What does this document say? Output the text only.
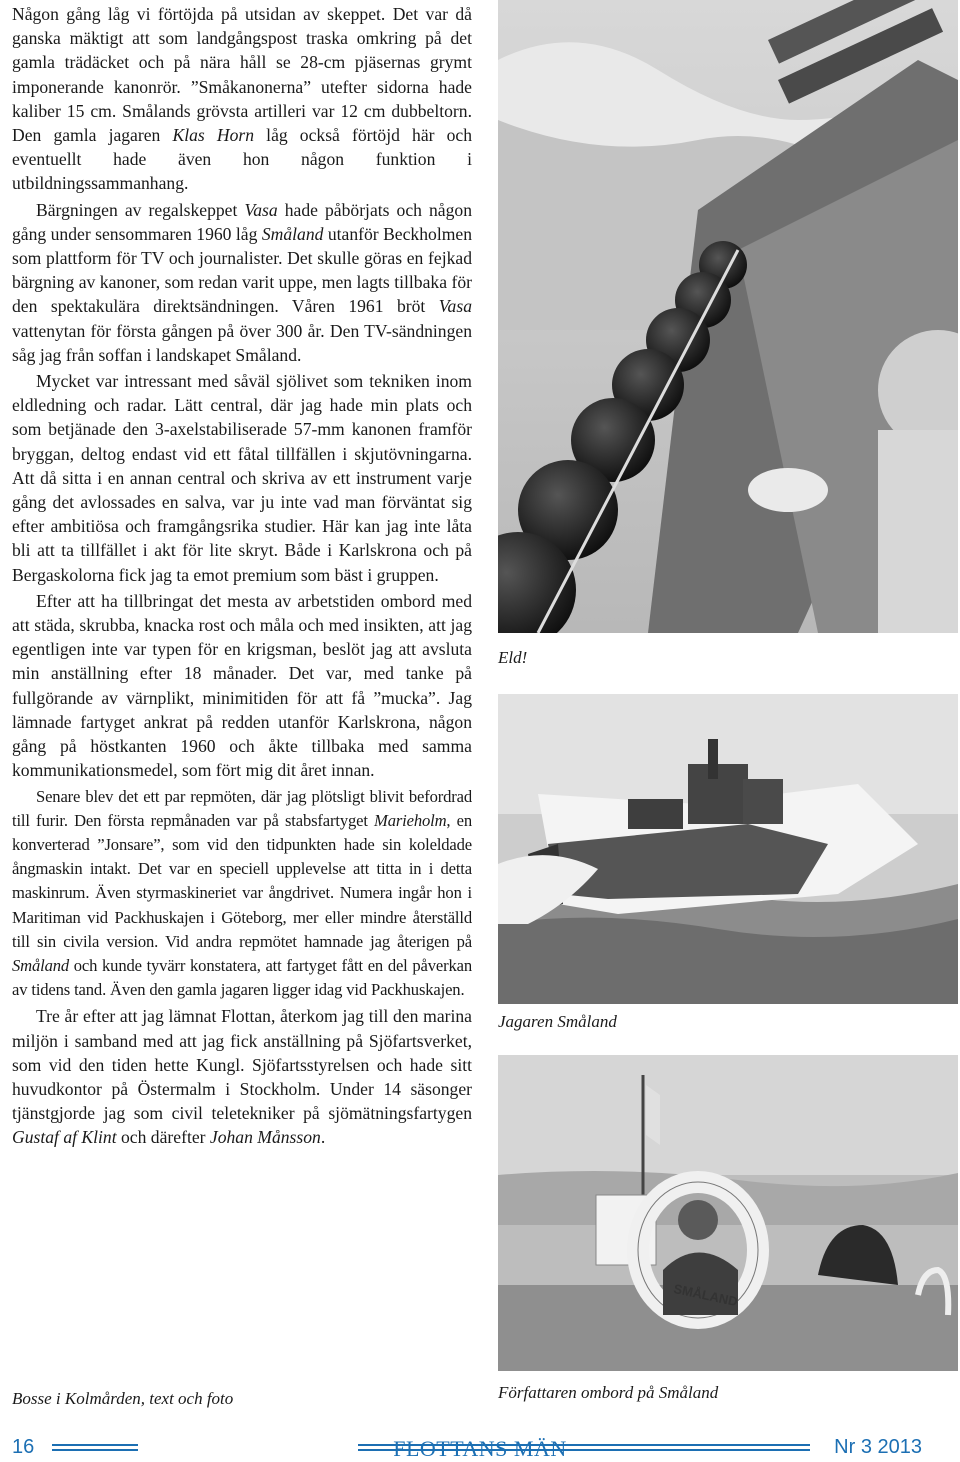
Någon gång låg vi förtöjda på utsidan av skeppet. Det var då ganska mäktigt att som landgångspost traska omkring på det gamla trädäcket och på nära håll se 28-cm pjäsernas grymt imponerande kanonrör. ”Småkanonerna” utefter sidorna hade kaliber 15 cm. Smålands grövsta artilleri var 12 cm dubbeltorn. Den gamla jagaren Klas Horn låg också förtöjd här och eventuellt hade även hon någon funktion i utbildningssammanhang.

Bärgningen av regalskeppet Vasa hade påbörjats och någon gång under sensommaren 1960 låg Småland utanför Beckholmen som plattform för TV och journalister. Det skulle göras en fejkad bärgning av kanoner, som redan varit uppe, men lagts tillbaka för den spektakulära direktsändningen. Våren 1961 bröt Vasa vattenytan för första gången på över 300 år. Den TV-sändningen såg jag från soffan i landskapet Småland.

Mycket var intressant med såväl sjölivet som tekniken inom eldledning och radar. Lätt central, där jag hade min plats och som betjänade den 3-axelstabiliserade 57-mm kanonen framför bryggan, deltog endast vid ett fåtal tillfällen i skjutövningarna. Att då sitta i en annan central och skriva av ett instrument varje gång det avlossades en salva, var ju inte vad man förväntat sig efter ambitiösa och framgångsrika studier. Här kan jag inte låta bli att ta tillfället i akt för lite skryt. Både i Karlskrona och på Bergaskolorna fick jag ta emot premium som bäst i gruppen.

Efter att ha tillbringat det mesta av arbetstiden ombord med att städa, skrubba, knacka rost och måla och med insikten, att jag egentligen inte var typen för en krigsman, beslöt jag att avsluta min anställning efter 18 månader. Det var, med tanke på fullgörande av värnplikt, minimitiden för att få ”mucka”. Jag lämnade fartyget ankrat på redden utanför Karlskrona, någon gång på höstkanten 1960 och åkte tillbaka med samma kommunikationsmedel, som fört mig dit året innan.

Senare blev det ett par repmöten, där jag plötsligt blivit befordrad till furir. Den första repmånaden var på stabsfartyget Marieholm, en konverterad ”Jonsare”, som vid den tidpunkten hade sin koleldade ångmaskin intakt. Det var en speciell upplevelse att titta in i detta maskinrum. Även styrmaskineriet var ångdrivet. Numera ingår hon i Maritiman vid Packhuskajen i Göteborg, mer eller mindre återställd till sin civila version. Vid andra repmötet hamnade jag återigen på Småland och kunde tyvärr konstatera, att fartyget fått en del påverkan av tidens tand. Även den gamla jagaren ligger idag vid Packhuskajen.

Tre år efter att jag lämnat Flottan, återkom jag till den marina miljön i samband med att jag fick anställning på Sjöfartsverket, som vid den tiden hette Kungl. Sjöfartsstyrelsen och hade sitt huvudkontor på Östermalm i Stockholm. Under 14 säsonger tjänstgjorde jag som civil teletekniker på sjömätningsfartygen Gustaf af Klint och därefter Johan Månsson.

Bosse i Kolmården, text och foto
Eld!
Jagaren Småland
SMÅLAND
Författaren ombord på Småland
16	FLOTTANS MÄN	Nr 3 2013
